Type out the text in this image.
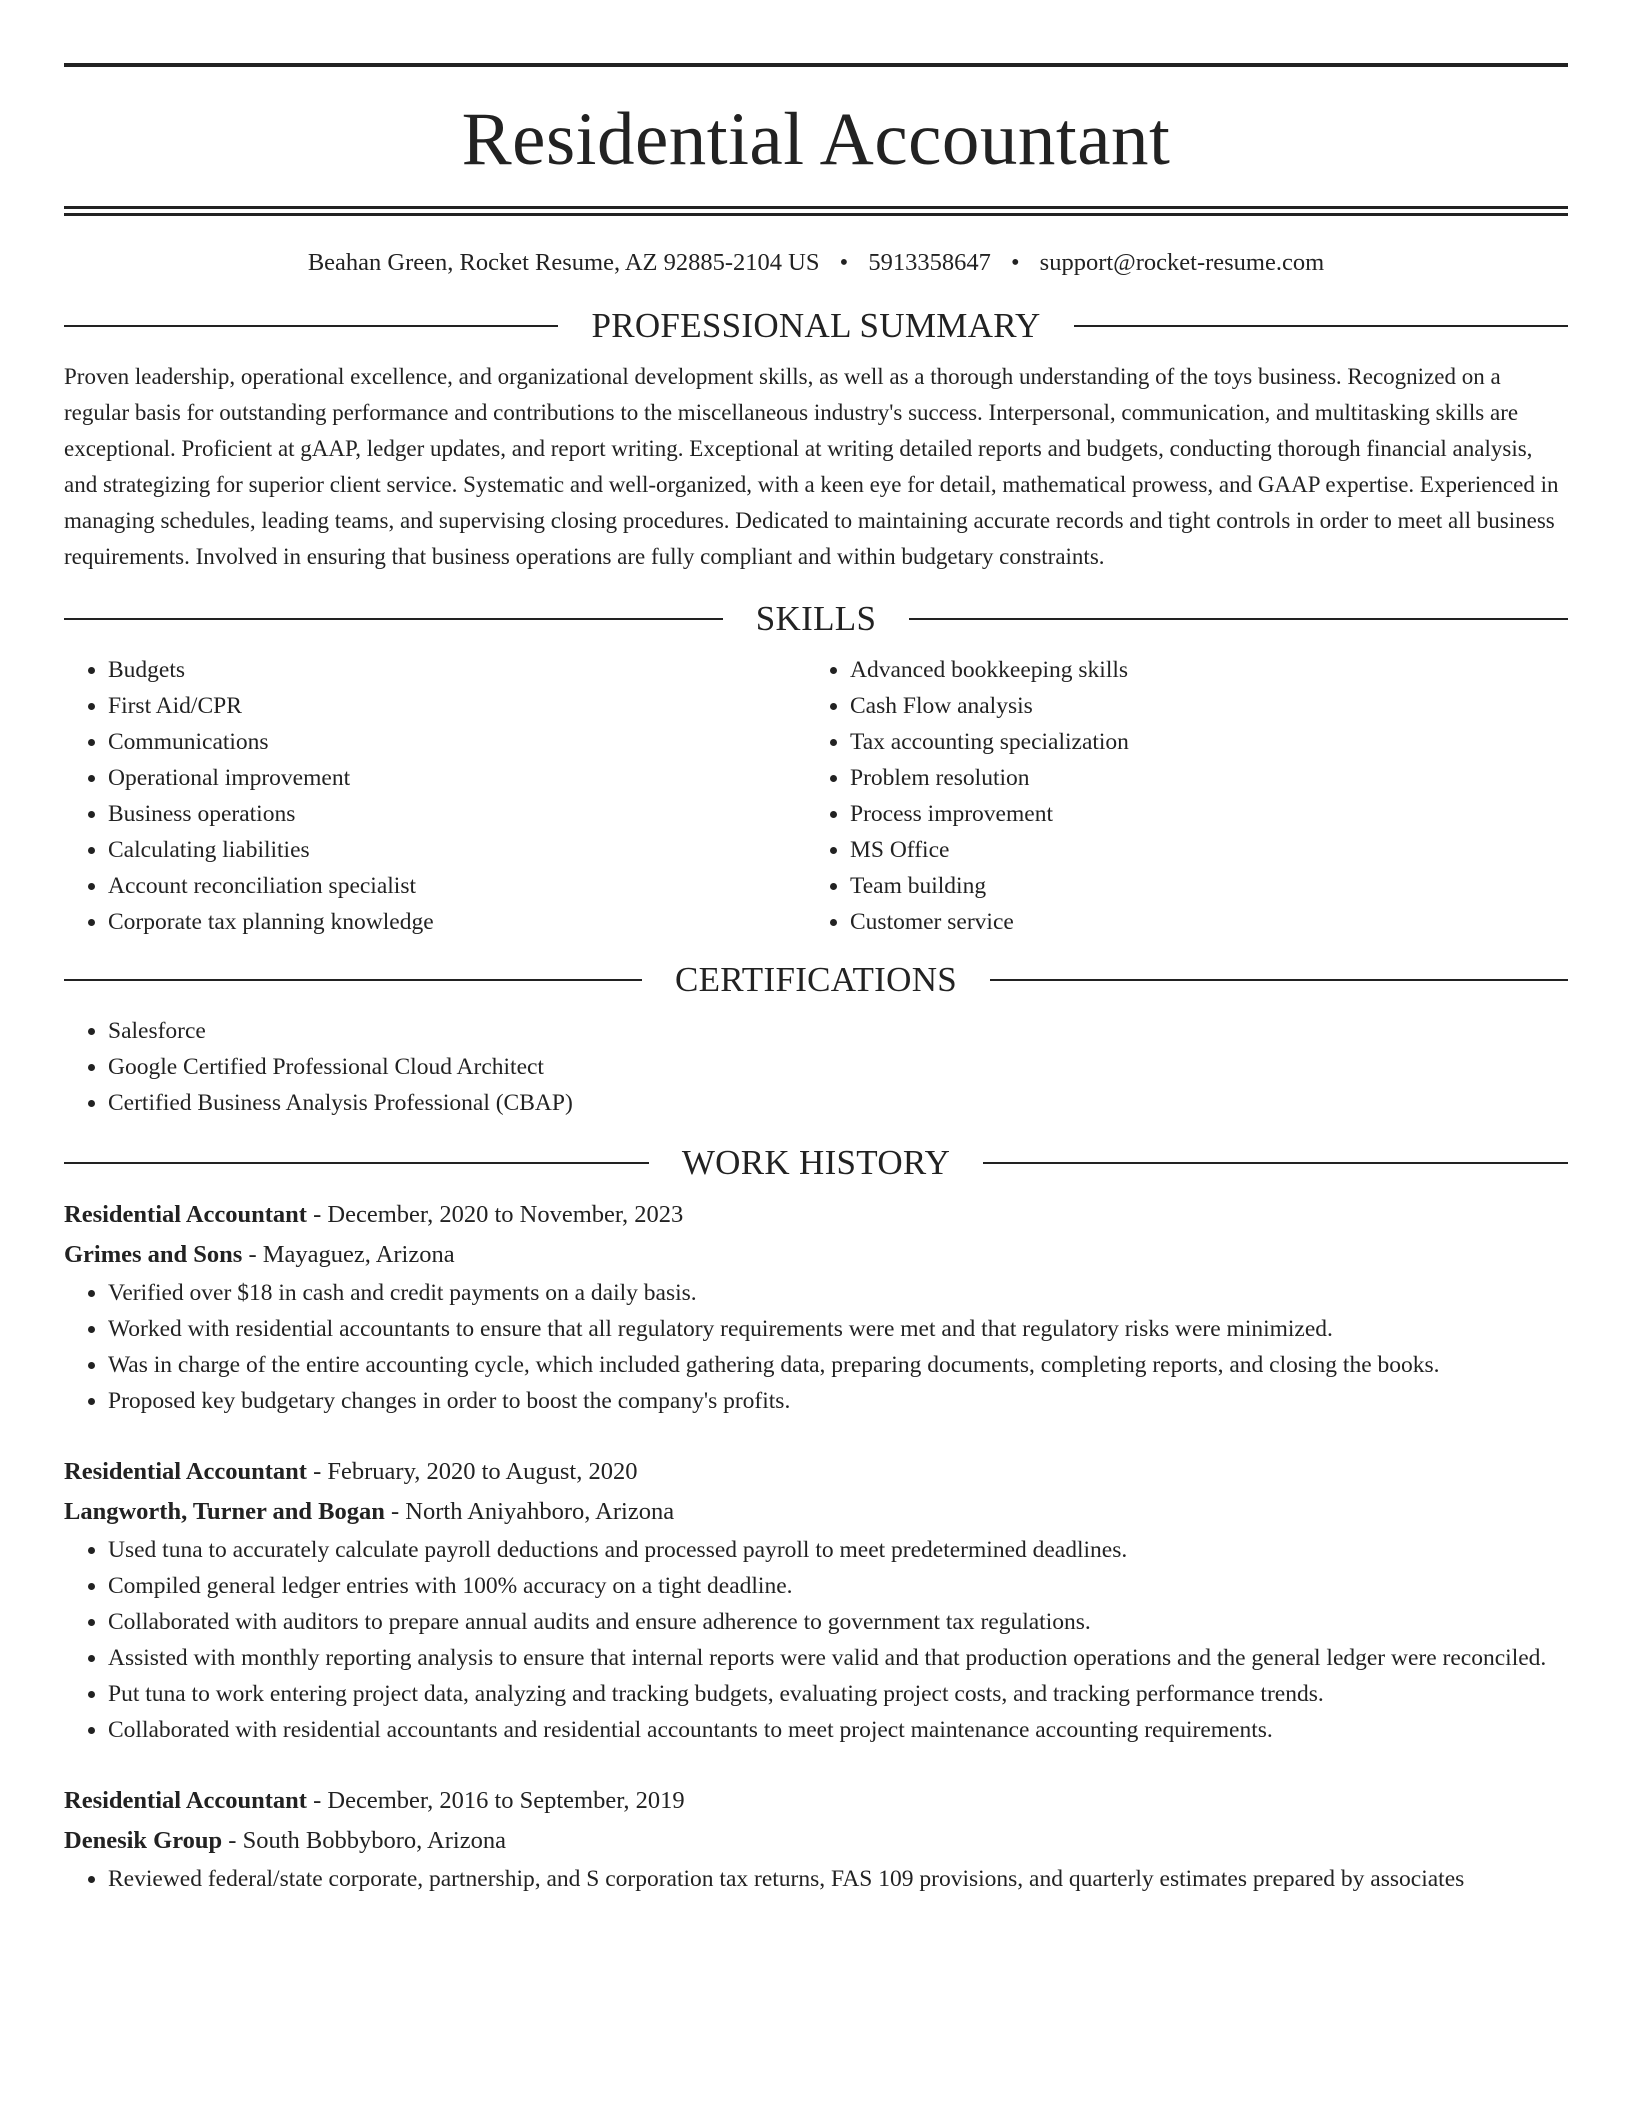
Residential Accountant
Beahan Green, Rocket Resume, AZ 92885-2104 US • 5913358647 • support@rocket-resume.com
PROFESSIONAL SUMMARY

Proven leadership, operational excellence, and organizational development skills, as well as a thorough understanding of the toys business. Recognized on a regular basis for outstanding performance and contributions to the miscellaneous industry's success. Interpersonal, communication, and multitasking skills are exceptional. Proficient at gAAP, ledger updates, and report writing. Exceptional at writing detailed reports and budgets, conducting thorough financial analysis, and strategizing for superior client service. Systematic and well-organized, with a keen eye for detail, mathematical prowess, and GAAP expertise. Experienced in managing schedules, leading teams, and supervising closing procedures. Dedicated to maintaining accurate records and tight controls in order to meet all business requirements. Involved in ensuring that business operations are fully compliant and within budgetary constraints.

SKILLS
• Budgets
• First Aid/CPR
• Communications
• Operational improvement
• Business operations
• Calculating liabilities
• Account reconciliation specialist
• Corporate tax planning knowledge
• Advanced bookkeeping skills
• Cash Flow analysis
• Tax accounting specialization
• Problem resolution
• Process improvement
• MS Office
• Team building
• Customer service
CERTIFICATIONS
• Salesforce
• Google Certified Professional Cloud Architect
• Certified Business Analysis Professional (CBAP)
WORK HISTORY
Residential Accountant - December, 2020 to November, 2023
Grimes and Sons - Mayaguez, Arizona
• Verified over $18 in cash and credit payments on a daily basis.
• Worked with residential accountants to ensure that all regulatory requirements were met and that regulatory risks were minimized.
• Was in charge of the entire accounting cycle, which included gathering data, preparing documents, completing reports, and closing the books.
• Proposed key budgetary changes in order to boost the company's profits.
Residential Accountant - February, 2020 to August, 2020
Langworth, Turner and Bogan - North Aniyahboro, Arizona
• Used tuna to accurately calculate payroll deductions and processed payroll to meet predetermined deadlines.
• Compiled general ledger entries with 100% accuracy on a tight deadline.
• Collaborated with auditors to prepare annual audits and ensure adherence to government tax regulations.
• Assisted with monthly reporting analysis to ensure that internal reports were valid and that production operations and the general ledger were reconciled.
• Put tuna to work entering project data, analyzing and tracking budgets, evaluating project costs, and tracking performance trends.
• Collaborated with residential accountants and residential accountants to meet project maintenance accounting requirements.
Residential Accountant - December, 2016 to September, 2019
Denesik Group - South Bobbyboro, Arizona
• Reviewed federal/state corporate, partnership, and S corporation tax returns, FAS 109 provisions, and quarterly estimates prepared by associates
